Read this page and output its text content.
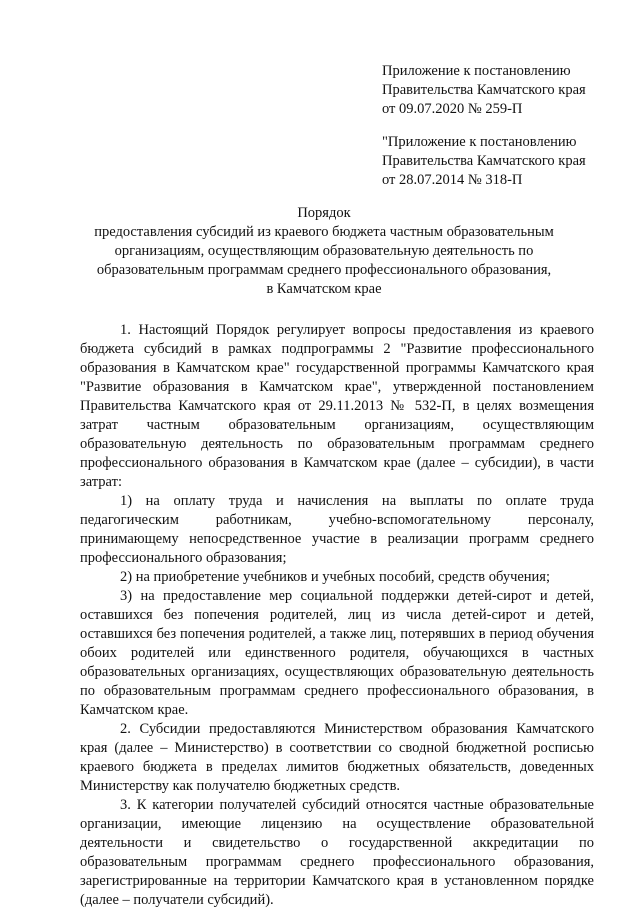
Приложение к постановлению
Правительства Камчатского края
от 09.07.2020 № 259-П
"Приложение к постановлению
Правительства Камчатского края
от 28.07.2014 № 318-П
Порядок
предоставления субсидий из краевого бюджета частным образовательным
организациям, осуществляющим образовательную деятельность по
образовательным программам среднего профессионального образования,
в Камчатском крае

1. Настоящий Порядок регулирует вопросы предоставления из краевого бюджета субсидий в рамках подпрограммы 2 "Развитие профессионального образования в Камчатском крае" государственной программы Камчатского края "Развитие образования в Камчатском крае", утвержденной постановлением Правительства Камчатского края от 29.11.2013 № 532-П, в целях возмещения затрат частным образовательным организациям, осуществляющим образовательную деятельность по образовательным программам среднего профессионального образования в Камчатском крае (далее – субсидии), в части затрат:

1) на оплату труда и начисления на выплаты по оплате труда педагогическим работникам, учебно-вспомогательному персоналу, принимающему непосредственное участие в реализации программ среднего профессионального образования;

2) на приобретение учебников и учебных пособий, средств обучения;

3) на предоставление мер социальной поддержки детей-сирот и детей, оставшихся без попечения родителей, лиц из числа детей-сирот и детей, оставшихся без попечения родителей, а также лиц, потерявших в период обучения обоих родителей или единственного родителя, обучающихся в частных образовательных организациях, осуществляющих образовательную деятельность по образовательным программам среднего профессионального образования, в Камчатском крае.

2. Субсидии предоставляются Министерством образования Камчатского края (далее – Министерство) в соответствии со сводной бюджетной росписью краевого бюджета в пределах лимитов бюджетных обязательств, доведенных Министерству как получателю бюджетных средств.

3. К категории получателей субсидий относятся частные образовательные организации, имеющие лицензию на осуществление образовательной деятельности и свидетельство о государственной аккредитации по образовательным программам среднего профессионального образования, зарегистрированные на территории Камчатского края в установленном порядке (далее – получатели субсидий).
